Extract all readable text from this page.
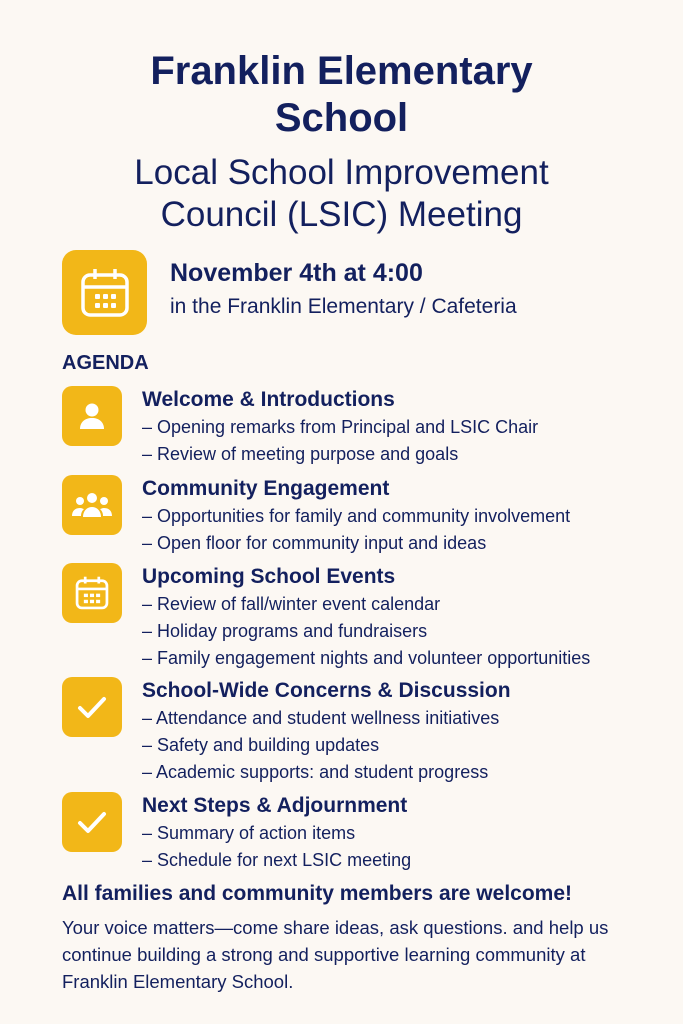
Franklin Elementary
School
Local School Improvement
Council (LSIC) Meeting
November 4th at 4:00
in the Franklin Elementary / Cafeteria
AGENDA
Welcome & Introductions
– Opening remarks from Principal and LSIC Chair
– Review of meeting purpose and goals
Community Engagement
– Opportunities for family and community involvement
– Open floor for community input and ideas
Upcoming School Events
– Review of fall/winter event calendar
– Holiday programs and fundraisers
– Family engagement nights and volunteer opportunities
School-Wide Concerns & Discussion
– Attendance and student wellness initiatives
– Safety and building updates
– Academic supports: and student progress
Next Steps & Adjournment
– Summary of action items
– Schedule for next LSIC meeting
All families and community members are welcome!
Your voice matters—come share ideas, ask questions. and help us continue building a strong and supportive learning community at Franklin Elementary School.
